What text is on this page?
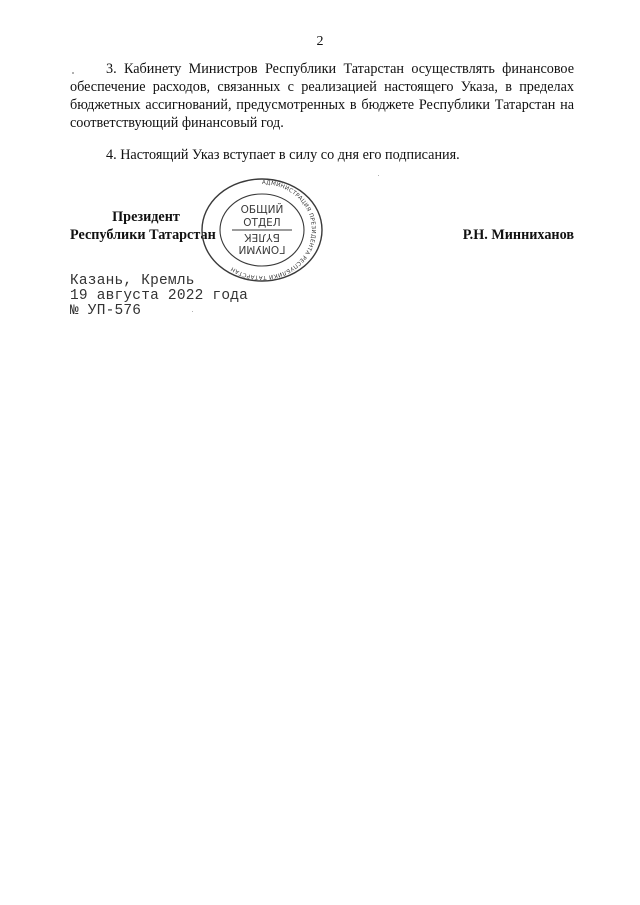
2

3. Кабинету Министров Республики Татарстан осуществлять финансовое обеспечение расходов, связанных с реализацией настоящего Указа, в пределах бюджетных ассигнований, предусмотренных в бюджете Республики Татарстан на соответствующий финансовый год.

4. Настоящий Указ вступает в силу со дня его подписания.

Президент
Республики Татарстан	Р.Н. Минниханов
АДМИНИСТРАЦИЯ ПРЕЗИДЕНТА РЕСПУБЛИКИ ТАТАРСТАН
ОБЩИЙ
ОТДЕЛ
БҮЛЕК
ГОМУМИ
Казань, Кремль
19 августа 2022 года
№ УП-576
